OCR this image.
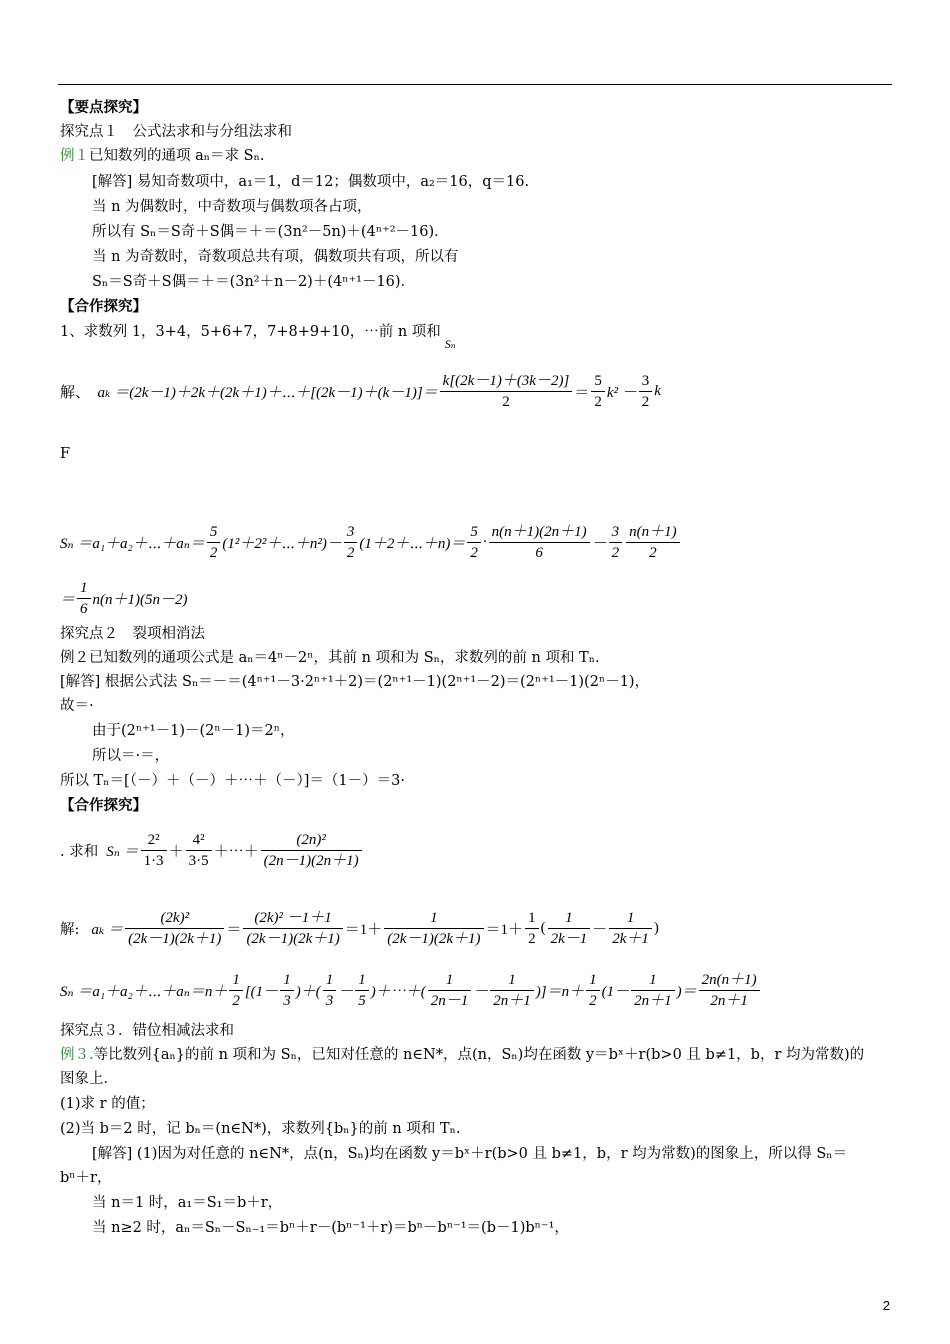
【要点探究】
探究点１　公式法求和与分组法求和
例１已知数列的通项 aₙ＝求 Sₙ.
[解答] 易知奇数项中，a₁＝1，d＝12；偶数项中，a₂＝16，q＝16.
当 n 为偶数时，中奇数项与偶数项各占项，
所以有 Sₙ＝S奇＋S偶＝＋＝(3n²－5n)＋(4ⁿ⁺²－16)．
当 n 为奇数时，奇数项总共有项，偶数项共有项，所以有
Sₙ＝S奇＋S偶＝＋＝(3n²＋n－2)＋(4ⁿ⁺¹－16)．
【合作探究】
1、求数列 1，3+4，5+6+7，7+8+9+10，⋯前 n 项和$_{S_n}$
解、 aₖ ＝(2k－1)＋2k＋(2k＋1)＋⋯＋[(2k－1)＋(k－1)]＝ $\frac{k[(2k-1)+(3k-2)]}{2} = \frac{5}{2} k^2 - \frac{3}{2}$ k
F
Sₙ ＝a₁＋a₂＋⋯＋aₙ＝ $\frac{5}{2}$ (1²＋2²＋⋯＋n²)－ $\frac{3}{2}$ (1＋2＋⋯＋n)＝ $\frac{5}{2} \cdot \frac{n(n+1)(2n+1)}{6} - \frac{3}{2} \frac{n(n+1)}{2}$
＝ $\frac{1}{6} n(n+1)(5n-2)$
探究点２　裂项相消法
例２已知数列的通项公式是 aₙ＝4ⁿ－2ⁿ，其前 n 项和为 Sₙ，求数列的前 n 项和 Tₙ.
[解答] 根据公式法 Sₙ＝－＝(4ⁿ⁺¹－3·2ⁿ⁺¹＋2)＝(2ⁿ⁺¹－1)(2ⁿ⁺¹－2)＝(2ⁿ⁺¹－1)(2ⁿ－1)，
故＝·
由于(2ⁿ⁺¹－1)－(2ⁿ－1)＝2ⁿ，
所以＝·＝，
所以 Tₙ＝[（－）＋（－）＋⋯＋（－）]＝（1－）＝3·
【合作探究】
. 求和 $S_n = \frac{\text{2²}}{1\cdot 3} + \frac{\text{4²}}{3\cdot 5}$ ＋⋯＋ $\frac{\text{(2n)²}}{(2n-1)(2n+1)}$
解: $a_k = \frac{\text{(2k)²}}{(2k-1)(2k+1)} = \frac{\text{(2k)² －1＋1}}{(2k-1)(2k+1)} =1+ \frac{1}{(2k-1)(2k+1)} =1+ \frac{1}{2}$ ( $\frac{1}{2k-1} - \frac{1}{2k+1}$ )
Sₙ ＝a₁＋a₂＋⋯＋aₙ＝n＋ $\frac{1}{2} [(1- \frac{1}{3}$ )＋( $\frac{1}{3} - \frac{1}{5}$ )＋⋯＋( $\frac{1}{2n-1} - \frac{1}{2n+1} )]=n+ \frac{1}{2} (1- \frac{1}{2n+1}$ )＝ $\frac{2n(n+1)}{2n+1}$
探究点３．错位相减法求和
例３.等比数列{aₙ}的前 n 项和为 Sₙ，已知对任意的 n∈N*，点(n，Sₙ)均在函数 y＝bˣ＋r(b>0 且 b≠1，b，r 均为常数)的
图象上．
(1)求 r 的值；
(2)当 b＝2 时，记 bₙ＝(n∈N*)，求数列{bₙ}的前 n 项和 Tₙ.
[解答] (1)因为对任意的 n∈N*，点(n，Sₙ)均在函数 y＝bˣ＋r(b>0 且 b≠1，b，r 均为常数)的图象上，所以得 Sₙ＝
bⁿ＋r，
当 n＝1 时，a₁＝S₁＝b＋r，
当 n≥2 时，aₙ＝Sₙ－Sₙ₋₁＝bⁿ＋r－(bⁿ⁻¹＋r)＝bⁿ－bⁿ⁻¹＝(b－1)bⁿ⁻¹，
2
